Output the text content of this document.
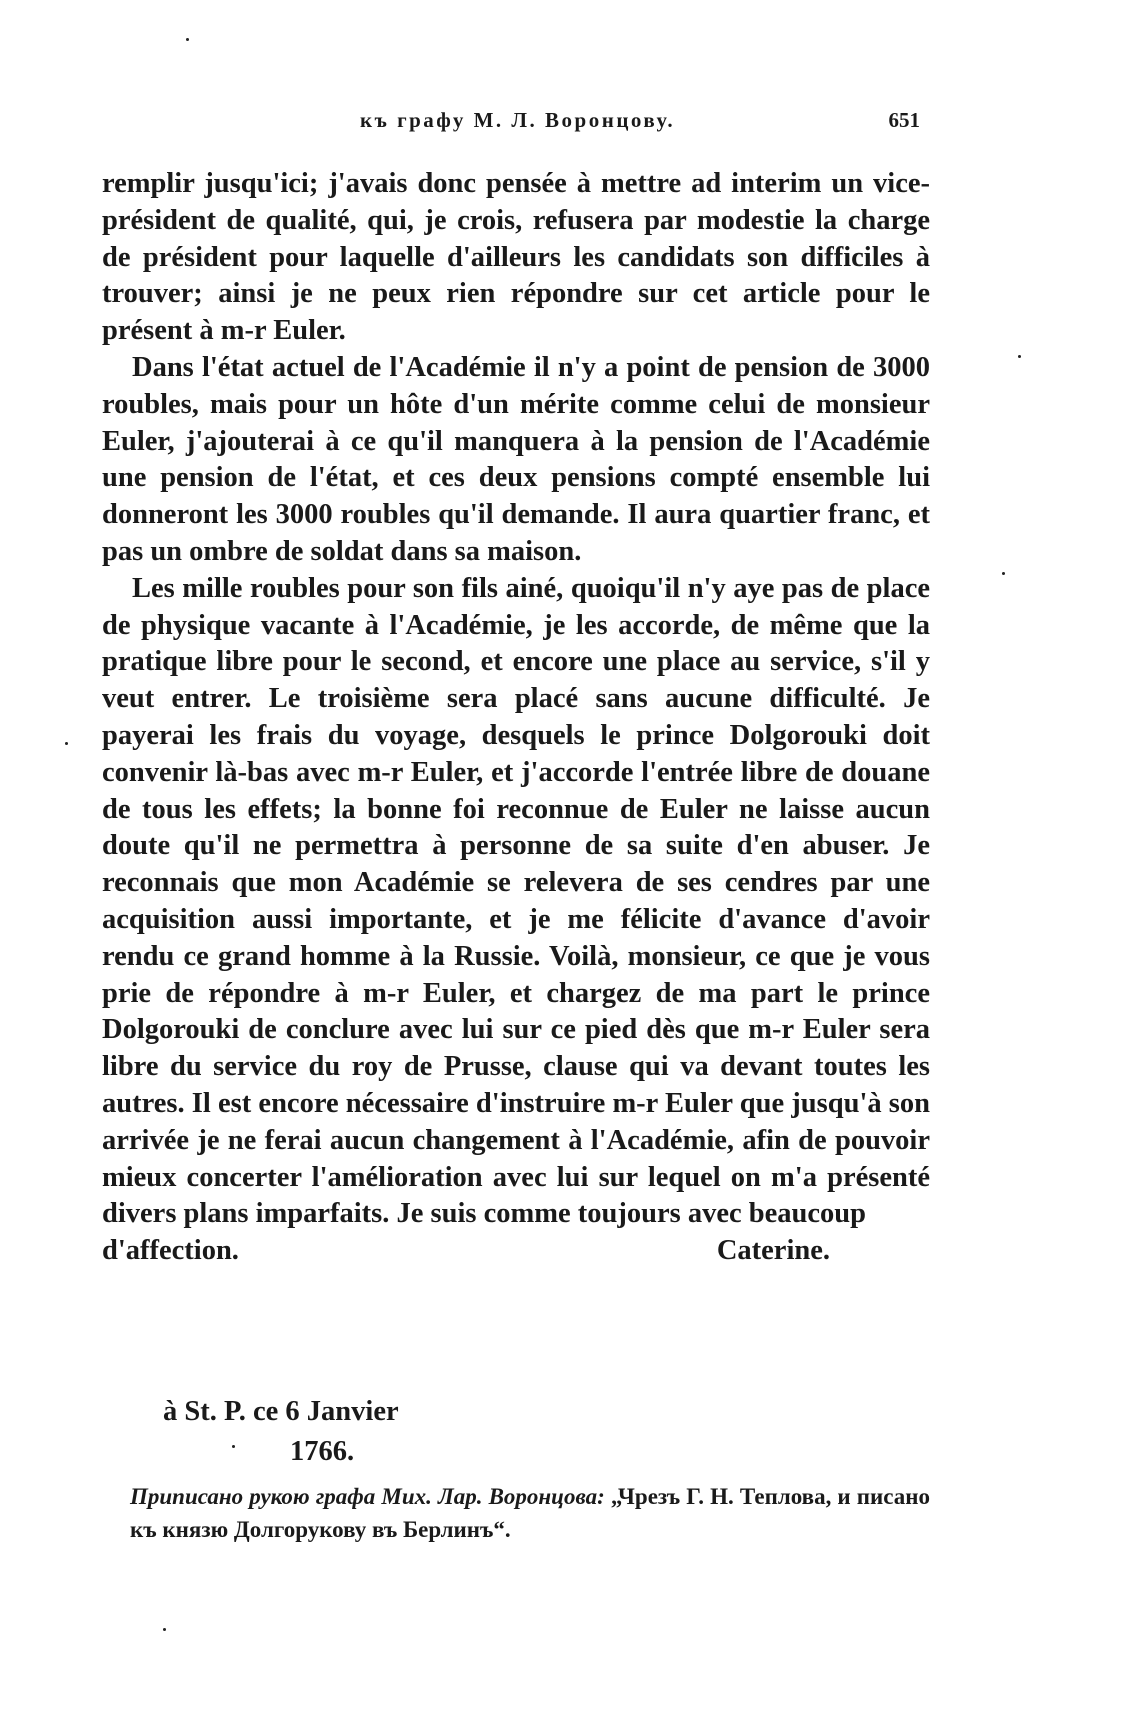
къ графу М. Л. Воронцову.	651

remplir jusqu'ici; j'avais donc pensée à mettre ad interim un vice-président de qualité, qui, je crois, refusera par modestie la charge de président pour laquelle d'ailleurs les candidats son difficiles à trouver; ainsi je ne peux rien répondre sur cet article pour le présent à m-r Euler.

Dans l'état actuel de l'Académie il n'y a point de pension de 3000 roubles, mais pour un hôte d'un mérite comme celui de monsieur Euler, j'ajouterai à ce qu'il manquera à la pension de l'Académie une pension de l'état, et ces deux pensions compté ensemble lui donneront les 3000 roubles qu'il demande. Il aura quartier franc, et pas un ombre de soldat dans sa maison.

Les mille roubles pour son fils ainé, quoiqu'il n'y aye pas de place de physique vacante à l'Académie, je les accorde, de même que la pratique libre pour le second, et encore une place au service, s'il y veut entrer. Le troisième sera placé sans aucune difficulté. Je payerai les frais du voyage, desquels le prince Dolgorouki doit convenir là-bas avec m-r Euler, et j'accorde l'entrée libre de douane de tous les effets; la bonne foi reconnue de Euler ne laisse aucun doute qu'il ne permettra à personne de sa suite d'en abuser. Je reconnais que mon Académie se relevera de ses cendres par une acquisition aussi importante, et je me félicite d'avance d'avoir rendu ce grand homme à la Russie. Voilà, monsieur, ce que je vous prie de répondre à m-r Euler, et chargez de ma part le prince Dolgorouki de conclure avec lui sur ce pied dès que m-r Euler sera libre du service du roy de Prusse, clause qui va devant toutes les autres. Il est encore nécessaire d'instruire m-r Euler que jusqu'à son arrivée je ne ferai aucun changement à l'Académie, afin de pouvoir mieux concerter l'amélioration avec lui sur lequel on m'a présenté divers plans imparfaits. Je suis comme toujours avec beaucoup

d'affection.	Caterine.
à St. P. ce 6 Janvier
1766.
Приписано рукою графа Мих. Лар. Воронцова: „Чрезъ Г. Н. Теплова, и писано къ князю Долгорукову въ Берлинъ“.
